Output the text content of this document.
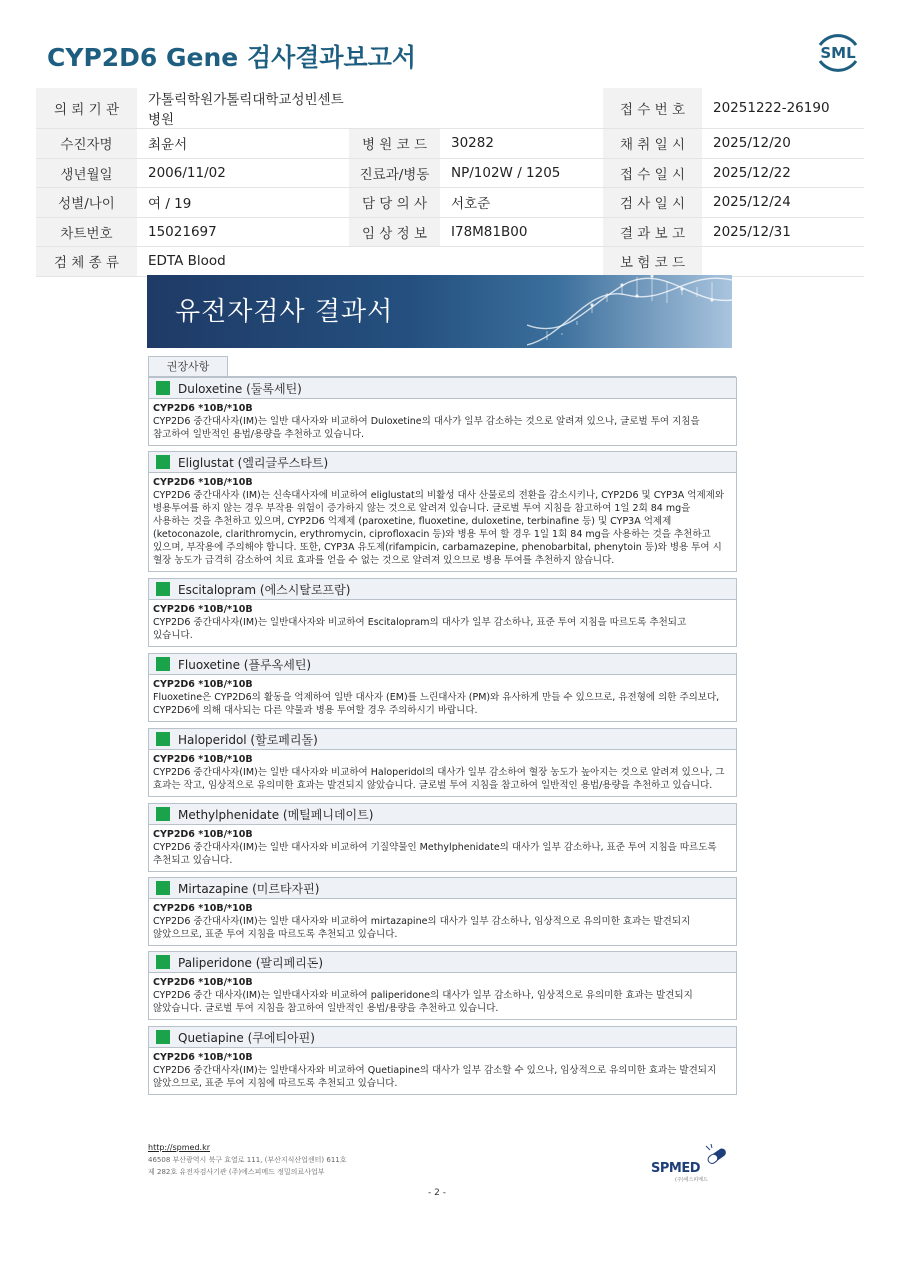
CYP2D6 Gene 검사결과보고서	SML
의 뢰 기 관	가톨릭학원가톨릭대학교성빈센트병원			접 수 번 호	20251222-26190
수진자명	최윤서	병 원 코 드	30282	채 취 일 시	2025/12/20
생년월일	2006/11/02	진료과/병동	NP/102W / 1205	접 수 일 시	2025/12/22
성별/나이	여 / 19	담 당 의 사	서호준	검 사 일 시	2025/12/24
차트번호	15021697	임 상 정 보	I78M81B00	결 과 보 고	2025/12/31
검 체 종 류	EDTA Blood			보 험 코 드	
유전자검사 결과서
권장사항
Duloxetine (둘록세틴)
CYP2D6 *10B/*10B
CYP2D6 중간대사자(IM)는 일반 대사자와 비교하여 Duloxetine의 대사가 일부 감소하는 것으로 알려져 있으나, 글로벌 투여 지침을
참고하여 일반적인 용법/용량을 추천하고 있습니다.
Eliglustat (엘리글루스타트)
CYP2D6 *10B/*10B
CYP2D6 중간대사자 (IM)는 신속대사자에 비교하여 eliglustat의 비활성 대사 산물로의 전환을 감소시키나, CYP2D6 및 CYP3A 억제제와
병용투여를 하지 않는 경우 부작용 위험이 증가하지 않는 것으로 알려져 있습니다. 글로벌 투여 지침을 참고하여 1일 2회 84 mg을
사용하는 것을 추천하고 있으며, CYP2D6 억제제 (paroxetine, fluoxetine, duloxetine, terbinafine 등) 및 CYP3A 억제제
(ketoconazole, clarithromycin, erythromycin, ciprofloxacin 등)와 병용 투여 할 경우 1일 1회 84 mg을 사용하는 것을 추천하고
있으며, 부작용에 주의해야 합니다. 또한, CYP3A 유도제(rifampicin, carbamazepine, phenobarbital, phenytoin 등)와 병용 투여 시
혈장 농도가 급격히 감소하여 치료 효과를 얻을 수 없는 것으로 알려져 있으므로 병용 투여를 추천하지 않습니다.
Escitalopram (에스시탈로프람)
CYP2D6 *10B/*10B
CYP2D6 중간대사자(IM)는 일반대사자와 비교하여 Escitalopram의 대사가 일부 감소하나, 표준 투여 지침을 따르도록 추천되고
있습니다.
Fluoxetine (플루옥세틴)
CYP2D6 *10B/*10B
Fluoxetine은 CYP2D6의 활동을 억제하여 일반 대사자 (EM)를 느린대사자 (PM)와 유사하게 만들 수 있으므로, 유전형에 의한 주의보다,
CYP2D6에 의해 대사되는 다른 약물과 병용 투여할 경우 주의하시기 바랍니다.
Haloperidol (할로페리돌)
CYP2D6 *10B/*10B
CYP2D6 중간대사자(IM)는 일반 대사자와 비교하여 Haloperidol의 대사가 일부 감소하여 혈장 농도가 높아지는 것으로 알려져 있으나, 그
효과는 작고, 임상적으로 유의미한 효과는 발견되지 않았습니다. 글로벌 투여 지침을 참고하여 일반적인 용법/용량을 추천하고 있습니다.
Methylphenidate (메틸페니데이트)
CYP2D6 *10B/*10B
CYP2D6 중간대사자(IM)는 일반 대사자와 비교하여 기질약물인 Methylphenidate의 대사가 일부 감소하나, 표준 투여 지침을 따르도록
추천되고 있습니다.
Mirtazapine (미르타자핀)
CYP2D6 *10B/*10B
CYP2D6 중간대사자(IM)는 일반 대사자와 비교하여 mirtazapine의 대사가 일부 감소하나, 임상적으로 유의미한 효과는 발견되지
않았으므로, 표준 투여 지침을 따르도록 추천되고 있습니다.
Paliperidone (팔리페리돈)
CYP2D6 *10B/*10B
CYP2D6 중간 대사자(IM)는 일반대사자와 비교하여 paliperidone의 대사가 일부 감소하나, 임상적으로 유의미한 효과는 발견되지
않았습니다. 글로벌 투여 지침을 참고하여 일반적인 용법/용량을 추천하고 있습니다.
Quetiapine (쿠에티아핀)
CYP2D6 *10B/*10B
CYP2D6 중간대사자(IM)는 일반대사자와 비교하여 Quetiapine의 대사가 일부 감소할 수 있으나, 임상적으로 유의미한 효과는 발견되지
않았으므로, 표준 투여 지침에 따르도록 추천되고 있습니다.
http://spmed.kr
46508 부산광역시 북구 효열로 111, (부산지식산업센터) 611호
제 282호 유전자검사기관 (주)에스피메드 정밀의료사업부	SPMED
(주)에스피메드
- 2 -
